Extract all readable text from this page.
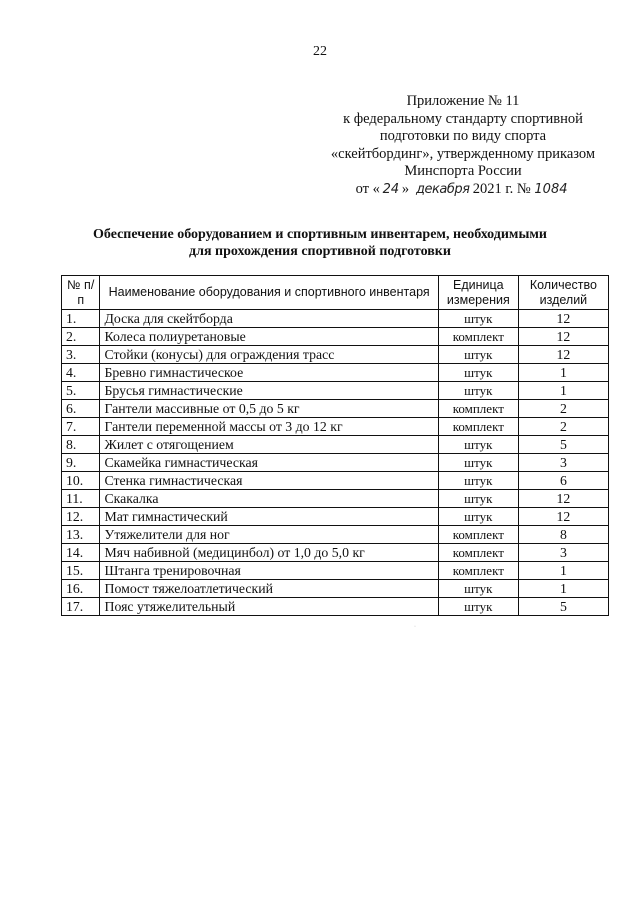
22
Приложение № 11
к федеральному стандарту спортивной
подготовки по виду спорта
«скейтбординг», утвержденному приказом
Минспорта России
от « 24 » декабря 2021 г. № 1084
Обеспечение оборудованием и спортивным инвентарем, необходимыми
для прохождения спортивной подготовки
№ п/п	Наименование оборудования и спортивного инвентаря	Единица измерения	Количество изделий
1.	Доска для скейтборда	штук	12
2.	Колеса полиуретановые	комплект	12
3.	Стойки (конусы) для ограждения трасс	штук	12
4.	Бревно гимнастическое	штук	1
5.	Брусья гимнастические	штук	1
6.	Гантели массивные от 0,5 до 5 кг	комплект	2
7.	Гантели переменной массы от 3 до 12 кг	комплект	2
8.	Жилет с отягощением	штук	5
9.	Скамейка гимнастическая	штук	3
10.	Стенка гимнастическая	штук	6
11.	Скакалка	штук	12
12.	Мат гимнастический	штук	12
13.	Утяжелители для ног	комплект	8
14.	Мяч набивной (медицинбол) от 1,0 до 5,0 кг	комплект	3
15.	Штанга тренировочная	комплект	1
16.	Помост тяжелоатлетический	штук	1
17.	Пояс утяжелительный	штук	5
·
